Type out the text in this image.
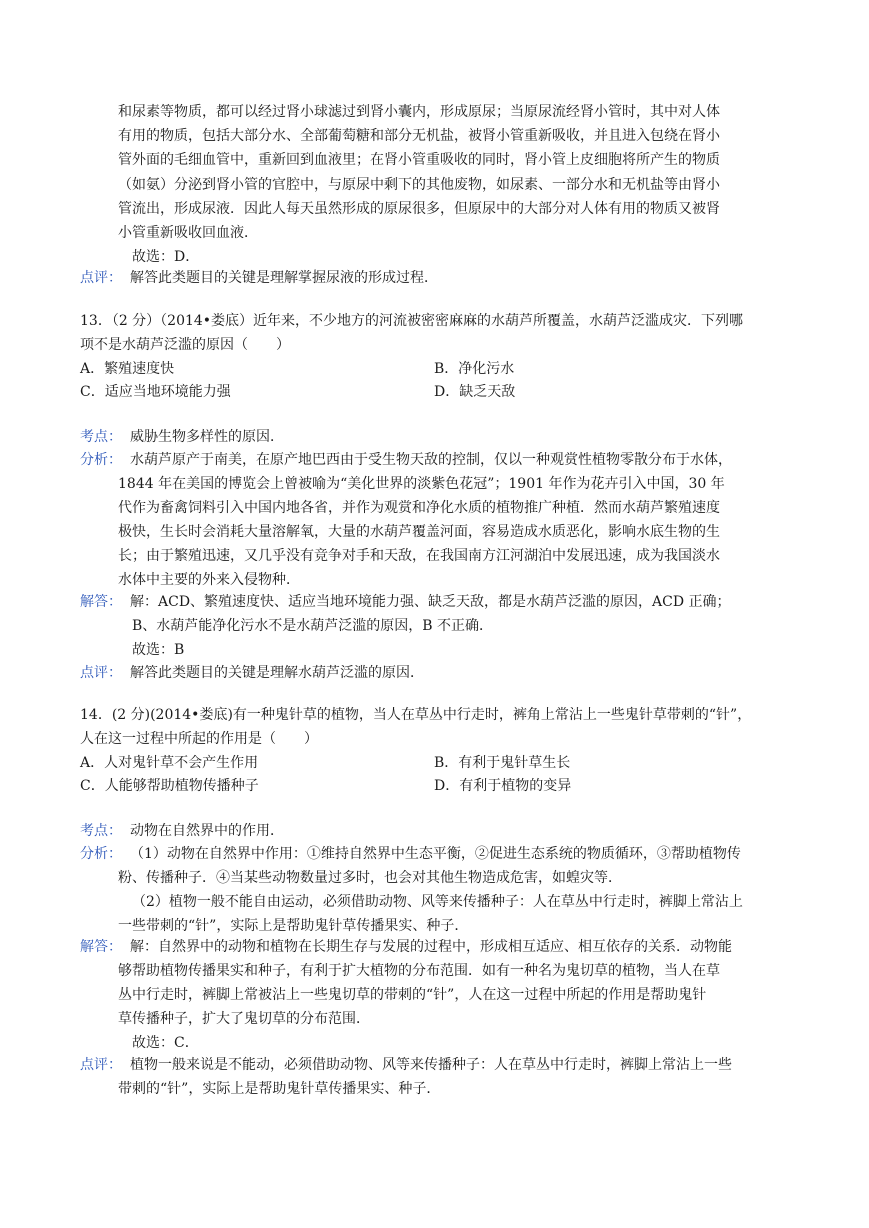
和尿素等物质，都可以经过肾小球滤过到肾小囊内，形成原尿；当原尿流经肾小管时，其中对人体
有用的物质，包括大部分水、全部葡萄糖和部分无机盐，被肾小管重新吸收，并且进入包绕在肾小
管外面的毛细血管中，重新回到血液里；在肾小管重吸收的同时，肾小管上皮细胞将所产生的物质
（如氨）分泌到肾小管的官腔中，与原尿中剩下的其他废物，如尿素、一部分水和无机盐等由肾小
管流出，形成尿液．因此人每天虽然形成的原尿很多，但原尿中的大部分对人体有用的物质又被肾
小管重新吸收回血液．
故选：D．
点评： 解答此类题目的关键是理解掌握尿液的形成过程．
13．（2 分）（2014•娄底）近年来，不少地方的河流被密密麻麻的水葫芦所覆盖，水葫芦泛滥成灾．下列哪
项不是水葫芦泛滥的原因（　　）
A．繁殖速度快	B．净化污水
C．适应当地环境能力强	D．缺乏天敌
考点： 威胁生物多样性的原因．
分析： 水葫芦原产于南美，在原产地巴西由于受生物天敌的控制，仅以一种观赏性植物零散分布于水体，
1844 年在美国的博览会上曾被喻为“美化世界的淡紫色花冠”；1901 年作为花卉引入中国，30 年
代作为畜禽饲料引入中国内地各省，并作为观赏和净化水质的植物推广种植．然而水葫芦繁殖速度
极快，生长时会消耗大量溶解氧，大量的水葫芦覆盖河面，容易造成水质恶化，影响水底生物的生
长；由于繁殖迅速，又几乎没有竞争对手和天敌，在我国南方江河湖泊中发展迅速，成为我国淡水
水体中主要的外来入侵物种．
解答： 解：ACD、繁殖速度快、适应当地环境能力强、缺乏天敌，都是水葫芦泛滥的原因，ACD 正确；
B、水葫芦能净化污水不是水葫芦泛滥的原因，B 不正确．
故选：B
点评： 解答此类题目的关键是理解水葫芦泛滥的原因．
14．(2 分)(2014•娄底)有一种鬼针草的植物，当人在草丛中行走时，裤角上常沾上一些鬼针草带刺的“针”，
人在这一过程中所起的作用是（　　）
A．人对鬼针草不会产生作用	B．有利于鬼针草生长
C．人能够帮助植物传播种子	D．有利于植物的变异
考点： 动物在自然界中的作用．
分析： （1）动物在自然界中作用：①维持自然界中生态平衡，②促进生态系统的物质循环，③帮助植物传
粉、传播种子．④当某些动物数量过多时，也会对其他生物造成危害，如蝗灾等．
（2）植物一般不能自由运动，必须借助动物、风等来传播种子：人在草丛中行走时，裤脚上常沾上
一些带刺的“针”，实际上是帮助鬼针草传播果实、种子．
解答： 解：自然界中的动物和植物在长期生存与发展的过程中，形成相互适应、相互依存的关系．动物能
够帮助植物传播果实和种子，有利于扩大植物的分布范围．如有一种名为鬼切草的植物，当人在草
丛中行走时，裤脚上常被沾上一些鬼切草的带刺的“针”，人在这一过程中所起的作用是帮助鬼针
草传播种子，扩大了鬼切草的分布范围．
故选：C．
点评： 植物一般来说是不能动，必须借助动物、风等来传播种子：人在草丛中行走时，裤脚上常沾上一些
带刺的“针”，实际上是帮助鬼针草传播果实、种子．
